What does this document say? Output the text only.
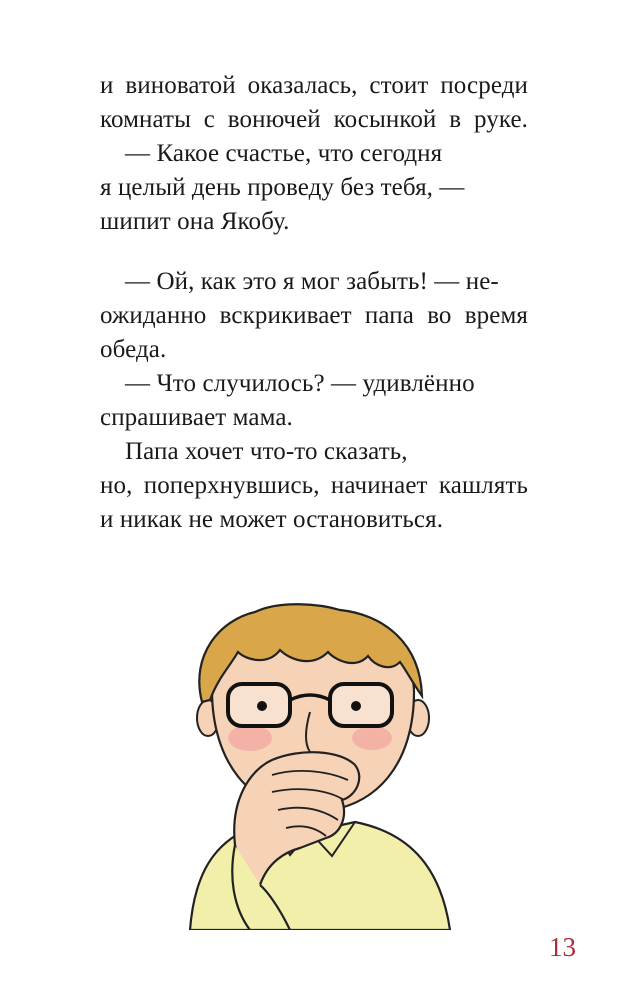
и виноватой оказалась, стоит посреди
комнаты с вонючей косынкой в руке.
— Какое счастье, что сегодня
я целый день проведу без тебя, —
шипит она Якобу.
— Ой, как это я мог забыть! — не-
ожиданно вскрикивает папа во время
обеда.
— Что случилось? — удивлённо
спрашивает мама.
Папа хочет что-то сказать,
но, поперхнувшись, начинает кашлять
и никак не может остановиться.
13
